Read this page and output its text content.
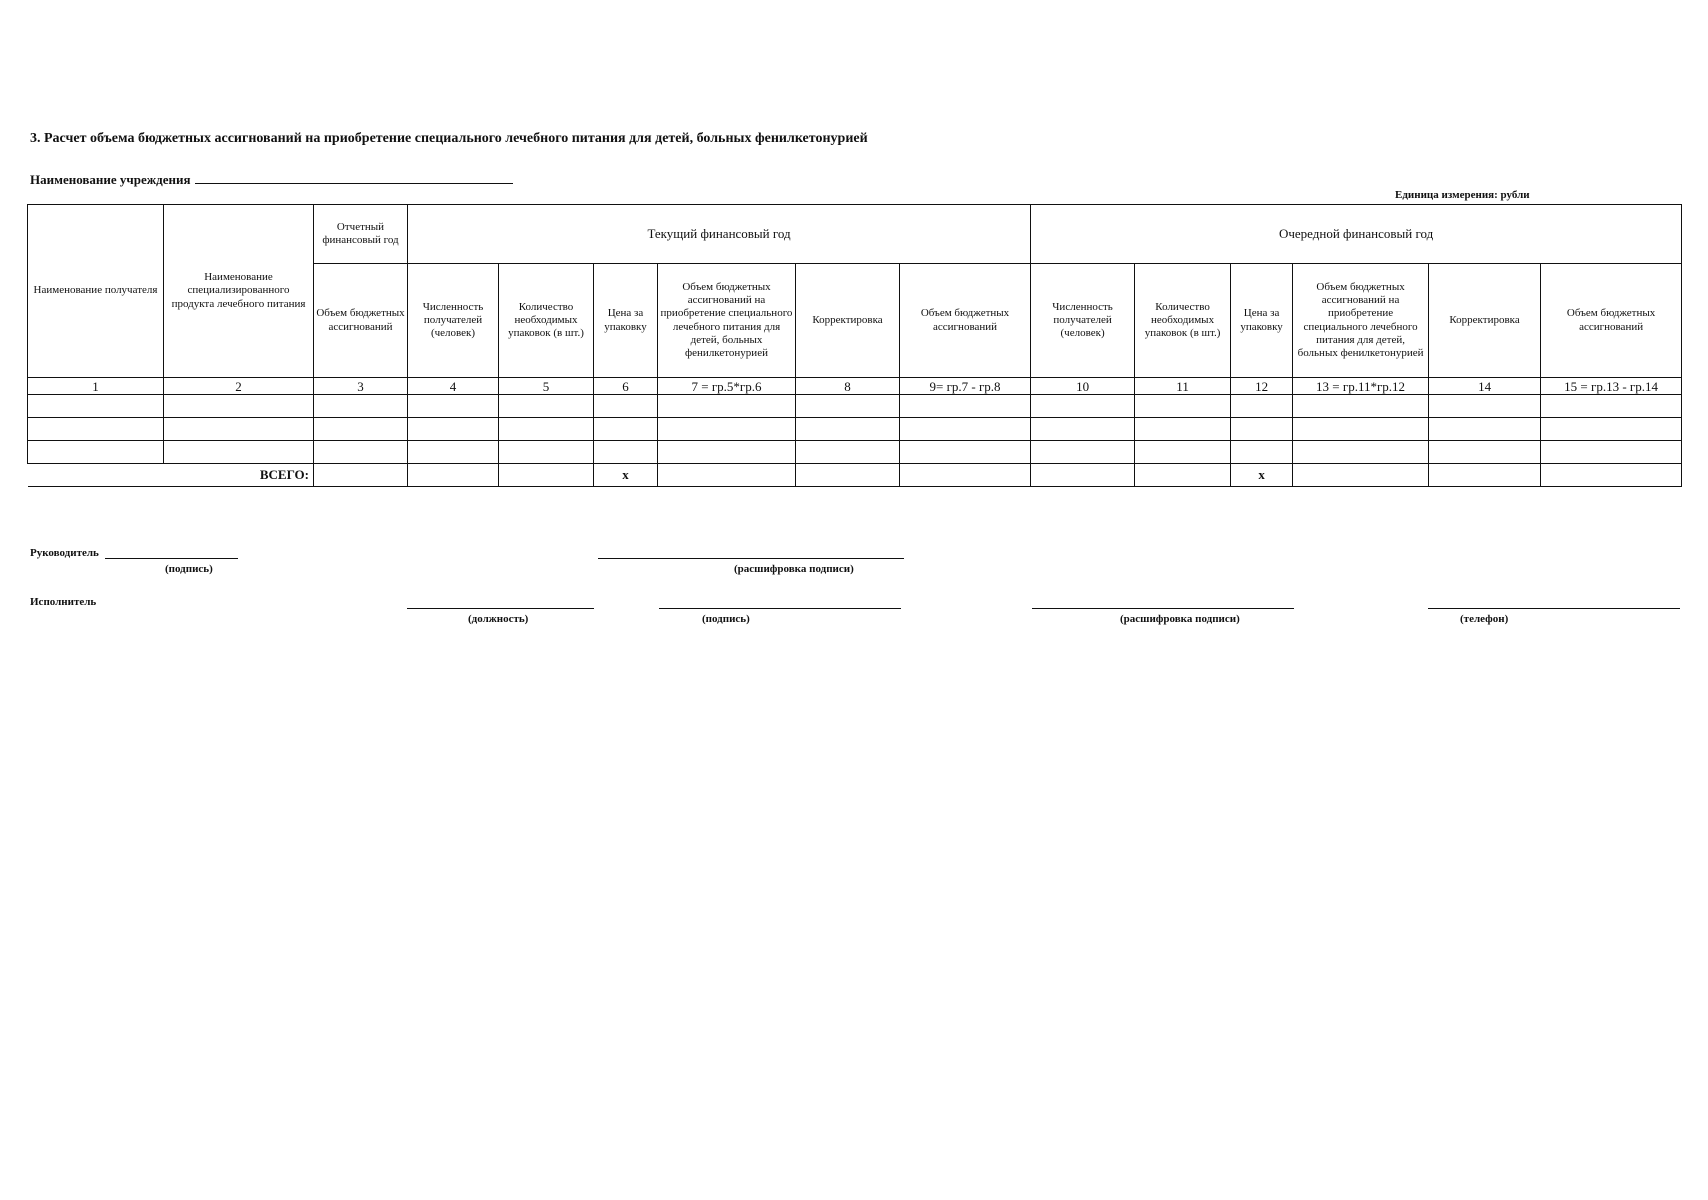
3. Расчет объема бюджетных ассигнований на приобретение специального лечебного питания для детей, больных фенилкетонурией
Наименование учреждения
Единица измерения: рубли
Наименование получателя	Наименование специализированного продукта лечебного питания	Отчетный финансовый год	Текущий финансовый год						Очередной финансовый год					
		Объем бюджетных ассигнований	Численность получателей (человек)	Количество необходимых упаковок (в шт.)	Цена за упаковку	Объем бюджетных ассигнований на приобретение специального лечебного питания для детей, больных фенилкетонурией	Корректировка	Объем бюджетных ассигнований	Численность получателей (человек)	Количество необходимых упаковок (в шт.)	Цена за упаковку	Объем бюджетных ассигнований на приобретение специального лечебного питания для детей, больных фенилкетонурией	Корректировка	Объем бюджетных ассигнований
1	2	3	4	5	6	7 = гр.5*гр.6	8	9= гр.7 - гр.8	10	11	12	13 = гр.11*гр.12	14	15 = гр.13 - гр.14

ВСЕГО:					x						x			
Руководитель
(подпись)	(расшифровка подписи)
Исполнитель
(должность)	(подпись)	(расшифровка подписи)	(телефон)
